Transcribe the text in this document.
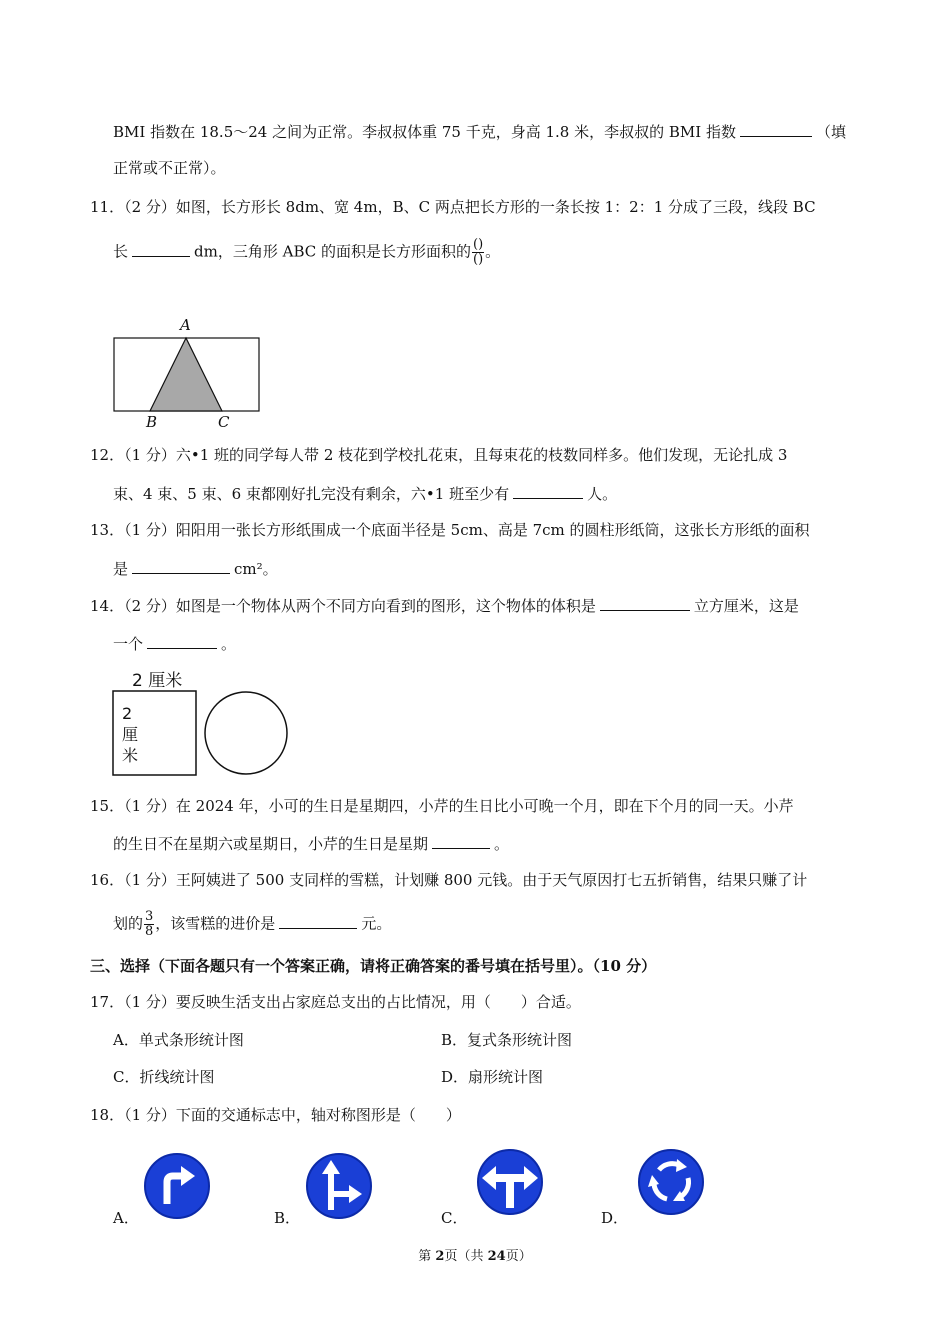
BMI 指数在 18.5～24 之间为正常。李叔叔体重 75 千克，身高 1.8 米，李叔叔的 BMI 指数	（填
正常或不正常）。
11．（2 分）如图，长方形长 8dm、宽 4m，B、C 两点把长方形的一条长按 1：2：1 分成了三段，线段 BC
长	dm，三角形 ABC 的面积是长方形面积的 $\frac{()}{()}$ 。
A
B	C
12．（1 分）六•1 班的同学每人带 2 枝花到学校扎花束，且每束花的枝数同样多。他们发现，无论扎成 3
束、4 束、5 束、6 束都刚好扎完没有剩余，六•1 班至少有	人。
13．（1 分）阳阳用一张长方形纸围成一个底面半径是 5cm、高是 7cm 的圆柱形纸筒，这张长方形纸的面积
是	cm²。
14．（2 分）如图是一个物体从两个不同方向看到的图形，这个物体的体积是	立方厘米，这是
一个	。
2 厘米
2
厘
米
15．（1 分）在 2024 年，小可的生日是星期四，小芹的生日比小可晚一个月，即在下个月的同一天。小芹
的生日不在星期六或星期日，小芹的生日是星期	。
16．（1 分）王阿姨进了 500 支同样的雪糕，计划赚 800 元钱。由于天气原因打七五折销售，结果只赚了计
划的 $\frac{3}{8}$ ，该雪糕的进价是	元。
三、选择（下面各题只有一个答案正确，请将正确答案的番号填在括号里）。（10 分）
17．（1 分）要反映生活支出占家庭总支出的占比情况，用（　　）合适。
A．单式条形统计图	B．复式条形统计图
C．折线统计图	D．扇形统计图
18．（1 分）下面的交通标志中，轴对称图形是（　　）
A．	B．	C．	D．
第 2页（共 24页）
